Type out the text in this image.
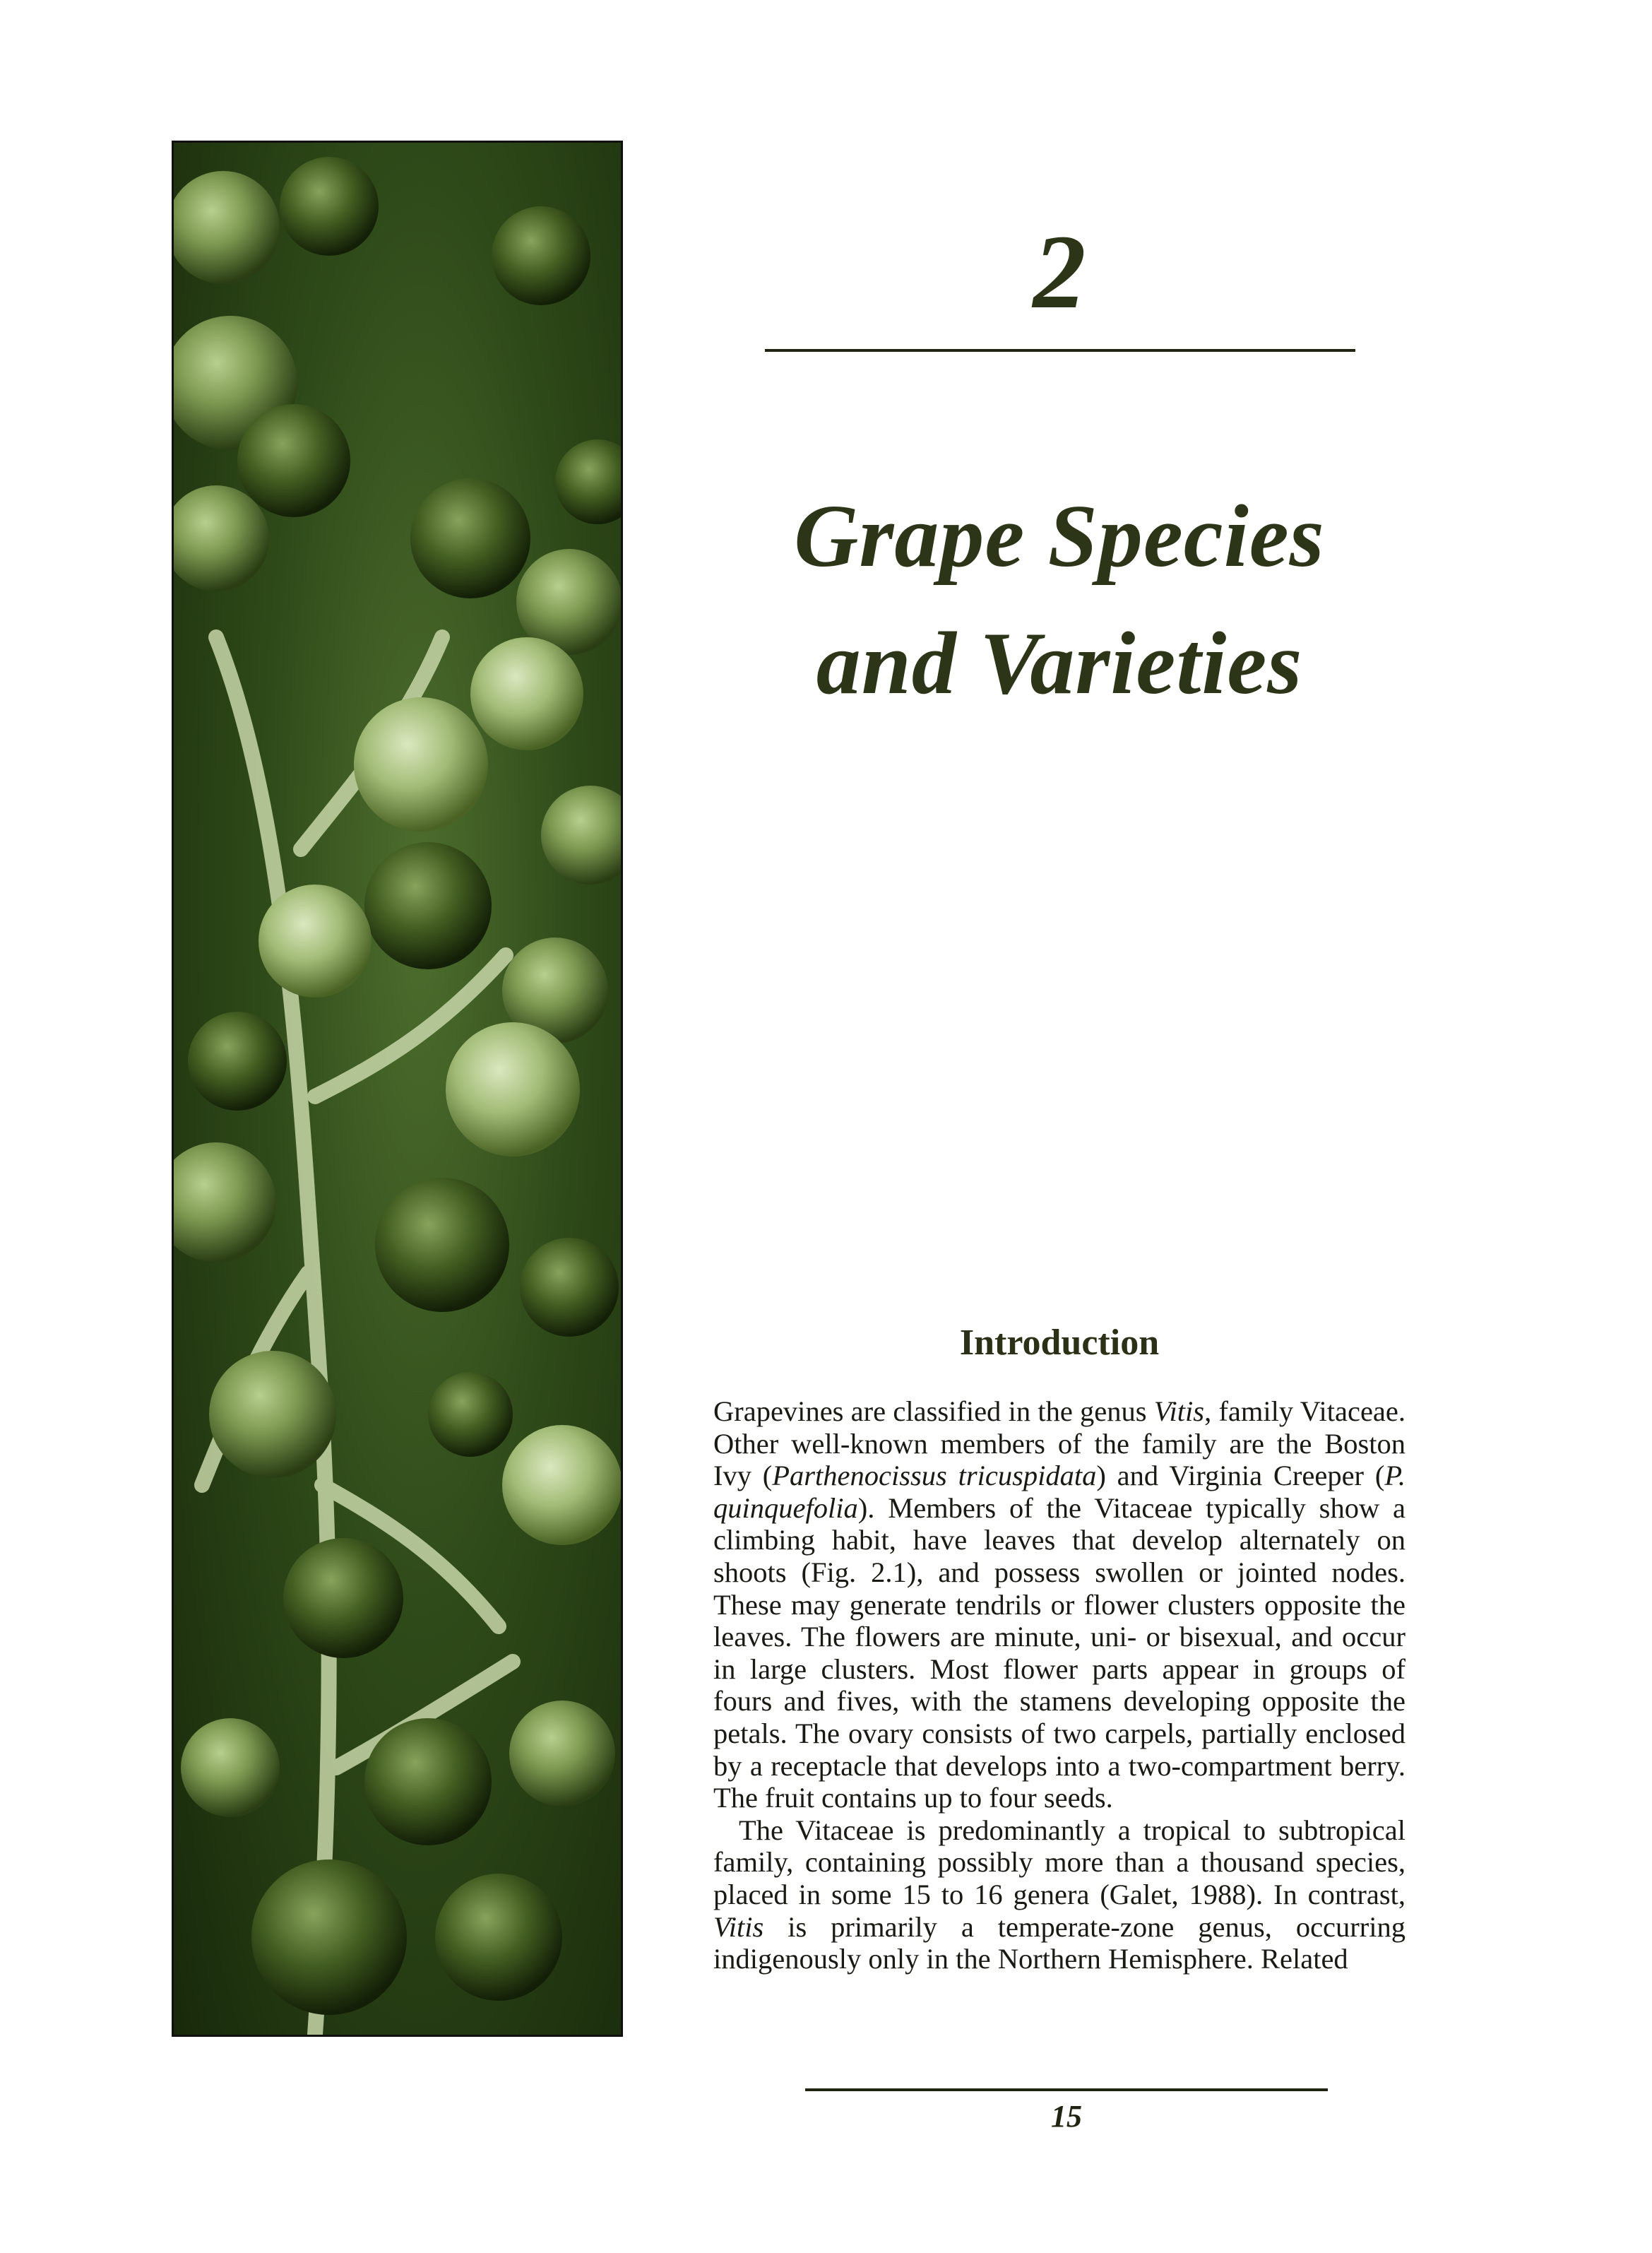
2
Grape Species
and Varieties
Introduction

Grapevines are classified in the genus Vitis, family Vitaceae. Other well-known members of the family are the Boston Ivy (Parthenocissus tricuspidata) and Virginia Creeper (P. quinquefolia). Members of the Vitaceae typically show a climbing habit, have leaves that develop alternately on shoots (Fig. 2.1), and possess swollen or jointed nodes. These may generate tendrils or flower clusters opposite the leaves. The flowers are minute, uni- or bisexual, and occur in large clusters. Most flower parts appear in groups of fours and fives, with the stamens developing opposite the petals. The ovary consists of two carpels, partially enclosed by a receptacle that develops into a two-compartment berry. The fruit contains up to four seeds.

The Vitaceae is predominantly a tropical to subtropical family, containing possibly more than a thousand species, placed in some 15 to 16 genera (Galet, 1988). In contrast, Vitis is primarily a temperate-zone genus, occurring indigenously only in the Northern Hemisphere. Related

15
